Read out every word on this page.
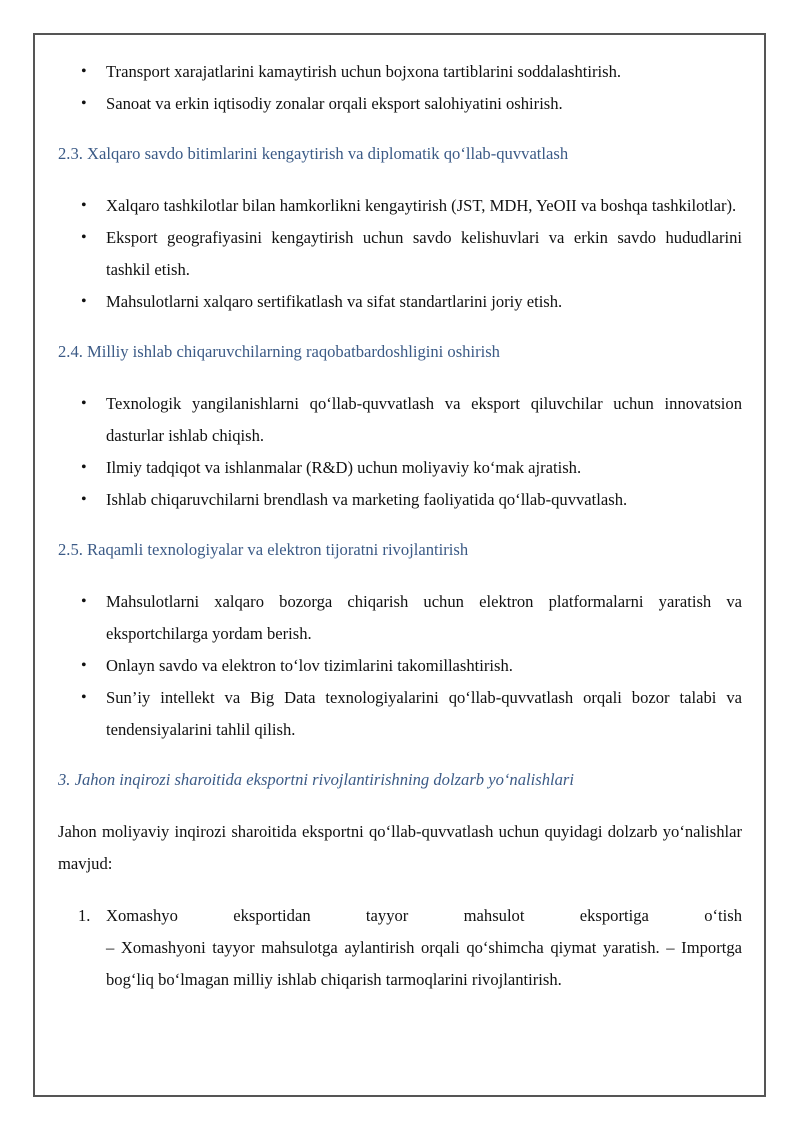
• Transport xarajatlarini kamaytirish uchun bojxona tartiblarini soddalashtirish.
• Sanoat va erkin iqtisodiy zonalar orqali eksport salohiyatini oshirish.
2.3. Xalqaro savdo bitimlarini kengaytirish va diplomatik qo‘llab-quvvatlash
• Xalqaro tashkilotlar bilan hamkorlikni kengaytirish (JST, MDH, YeOII va boshqa tashkilotlar).
• Eksport geografiyasini kengaytirish uchun savdo kelishuvlari va erkin savdo hududlarini tashkil etish.
• Mahsulotlarni xalqaro sertifikatlash va sifat standartlarini joriy etish.
2.4. Milliy ishlab chiqaruvchilarning raqobatbardoshligini oshirish
• Texnologik yangilanishlarni qo‘llab-quvvatlash va eksport qiluvchilar uchun innovatsion dasturlar ishlab chiqish.
• Ilmiy tadqiqot va ishlanmalar (R&D) uchun moliyaviy ko‘mak ajratish.
• Ishlab chiqaruvchilarni brendlash va marketing faoliyatida qo‘llab-quvvatlash.
2.5. Raqamli texnologiyalar va elektron tijoratni rivojlantirish
• Mahsulotlarni xalqaro bozorga chiqarish uchun elektron platformalarni yaratish va eksportchilarga yordam berish.
• Onlayn savdo va elektron to‘lov tizimlarini takomillashtirish.
• Sun’iy intellekt va Big Data texnologiyalarini qo‘llab-quvvatlash orqali bozor talabi va tendensiyalarini tahlil qilish.
3. Jahon inqirozi sharoitida eksportni rivojlantirishning dolzarb yo‘nalishlari

Jahon moliyaviy inqirozi sharoitida eksportni qo‘llab-quvvatlash uchun quyidagi dolzarb yo‘nalishlar mavjud:

1. Xomashyo	eksportidan	tayyor	mahsulot	eksportiga	o‘tish
– Xomashyoni tayyor mahsulotga aylantirish orqali qo‘shimcha qiymat yaratish. – Importga bog‘liq bo‘lmagan milliy ishlab chiqarish tarmoqlarini rivojlantirish.
